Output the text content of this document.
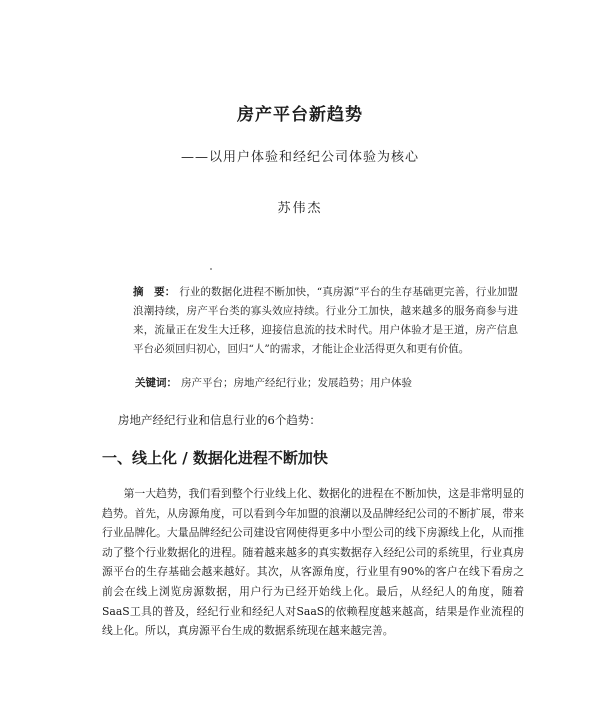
房产平台新趋势
——以用户体验和经纪公司体验为核心
苏伟杰
摘　要： 行业的数据化进程不断加快，“真房源”平台的生存基础更完善，行业加盟浪潮持续，房产平台类的寡头效应持续。行业分工加快，越来越多的服务商参与进来，流量正在发生大迁移，迎接信息流的技术时代。用户体验才是王道，房产信息平台必须回归初心，回归“人”的需求，才能让企业活得更久和更有价值。
关键词： 房产平台；房地产经纪行业；发展趋势；用户体验
房地产经纪行业和信息行业的6个趋势：
一、线上化 / 数据化进程不断加快
第一大趋势，我们看到整个行业线上化、数据化的进程在不断加快，这是非常明显的趋势。首先，从房源角度，可以看到今年加盟的浪潮以及品牌经纪公司的不断扩展，带来行业品牌化。大量品牌经纪公司建设官网使得更多中小型公司的线下房源线上化，从而推动了整个行业数据化的进程。随着越来越多的真实数据存入经纪公司的系统里，行业真房源平台的生存基础会越来越好。其次，从客源角度，行业里有90%的客户在线下看房之前会在线上浏览房源数据，用户行为已经开始线上化。最后，从经纪人的角度，随着SaaS工具的普及，经纪行业和经纪人对SaaS的依赖程度越来越高，结果是作业流程的线上化。所以，真房源平台生成的数据系统现在越来越完善。
